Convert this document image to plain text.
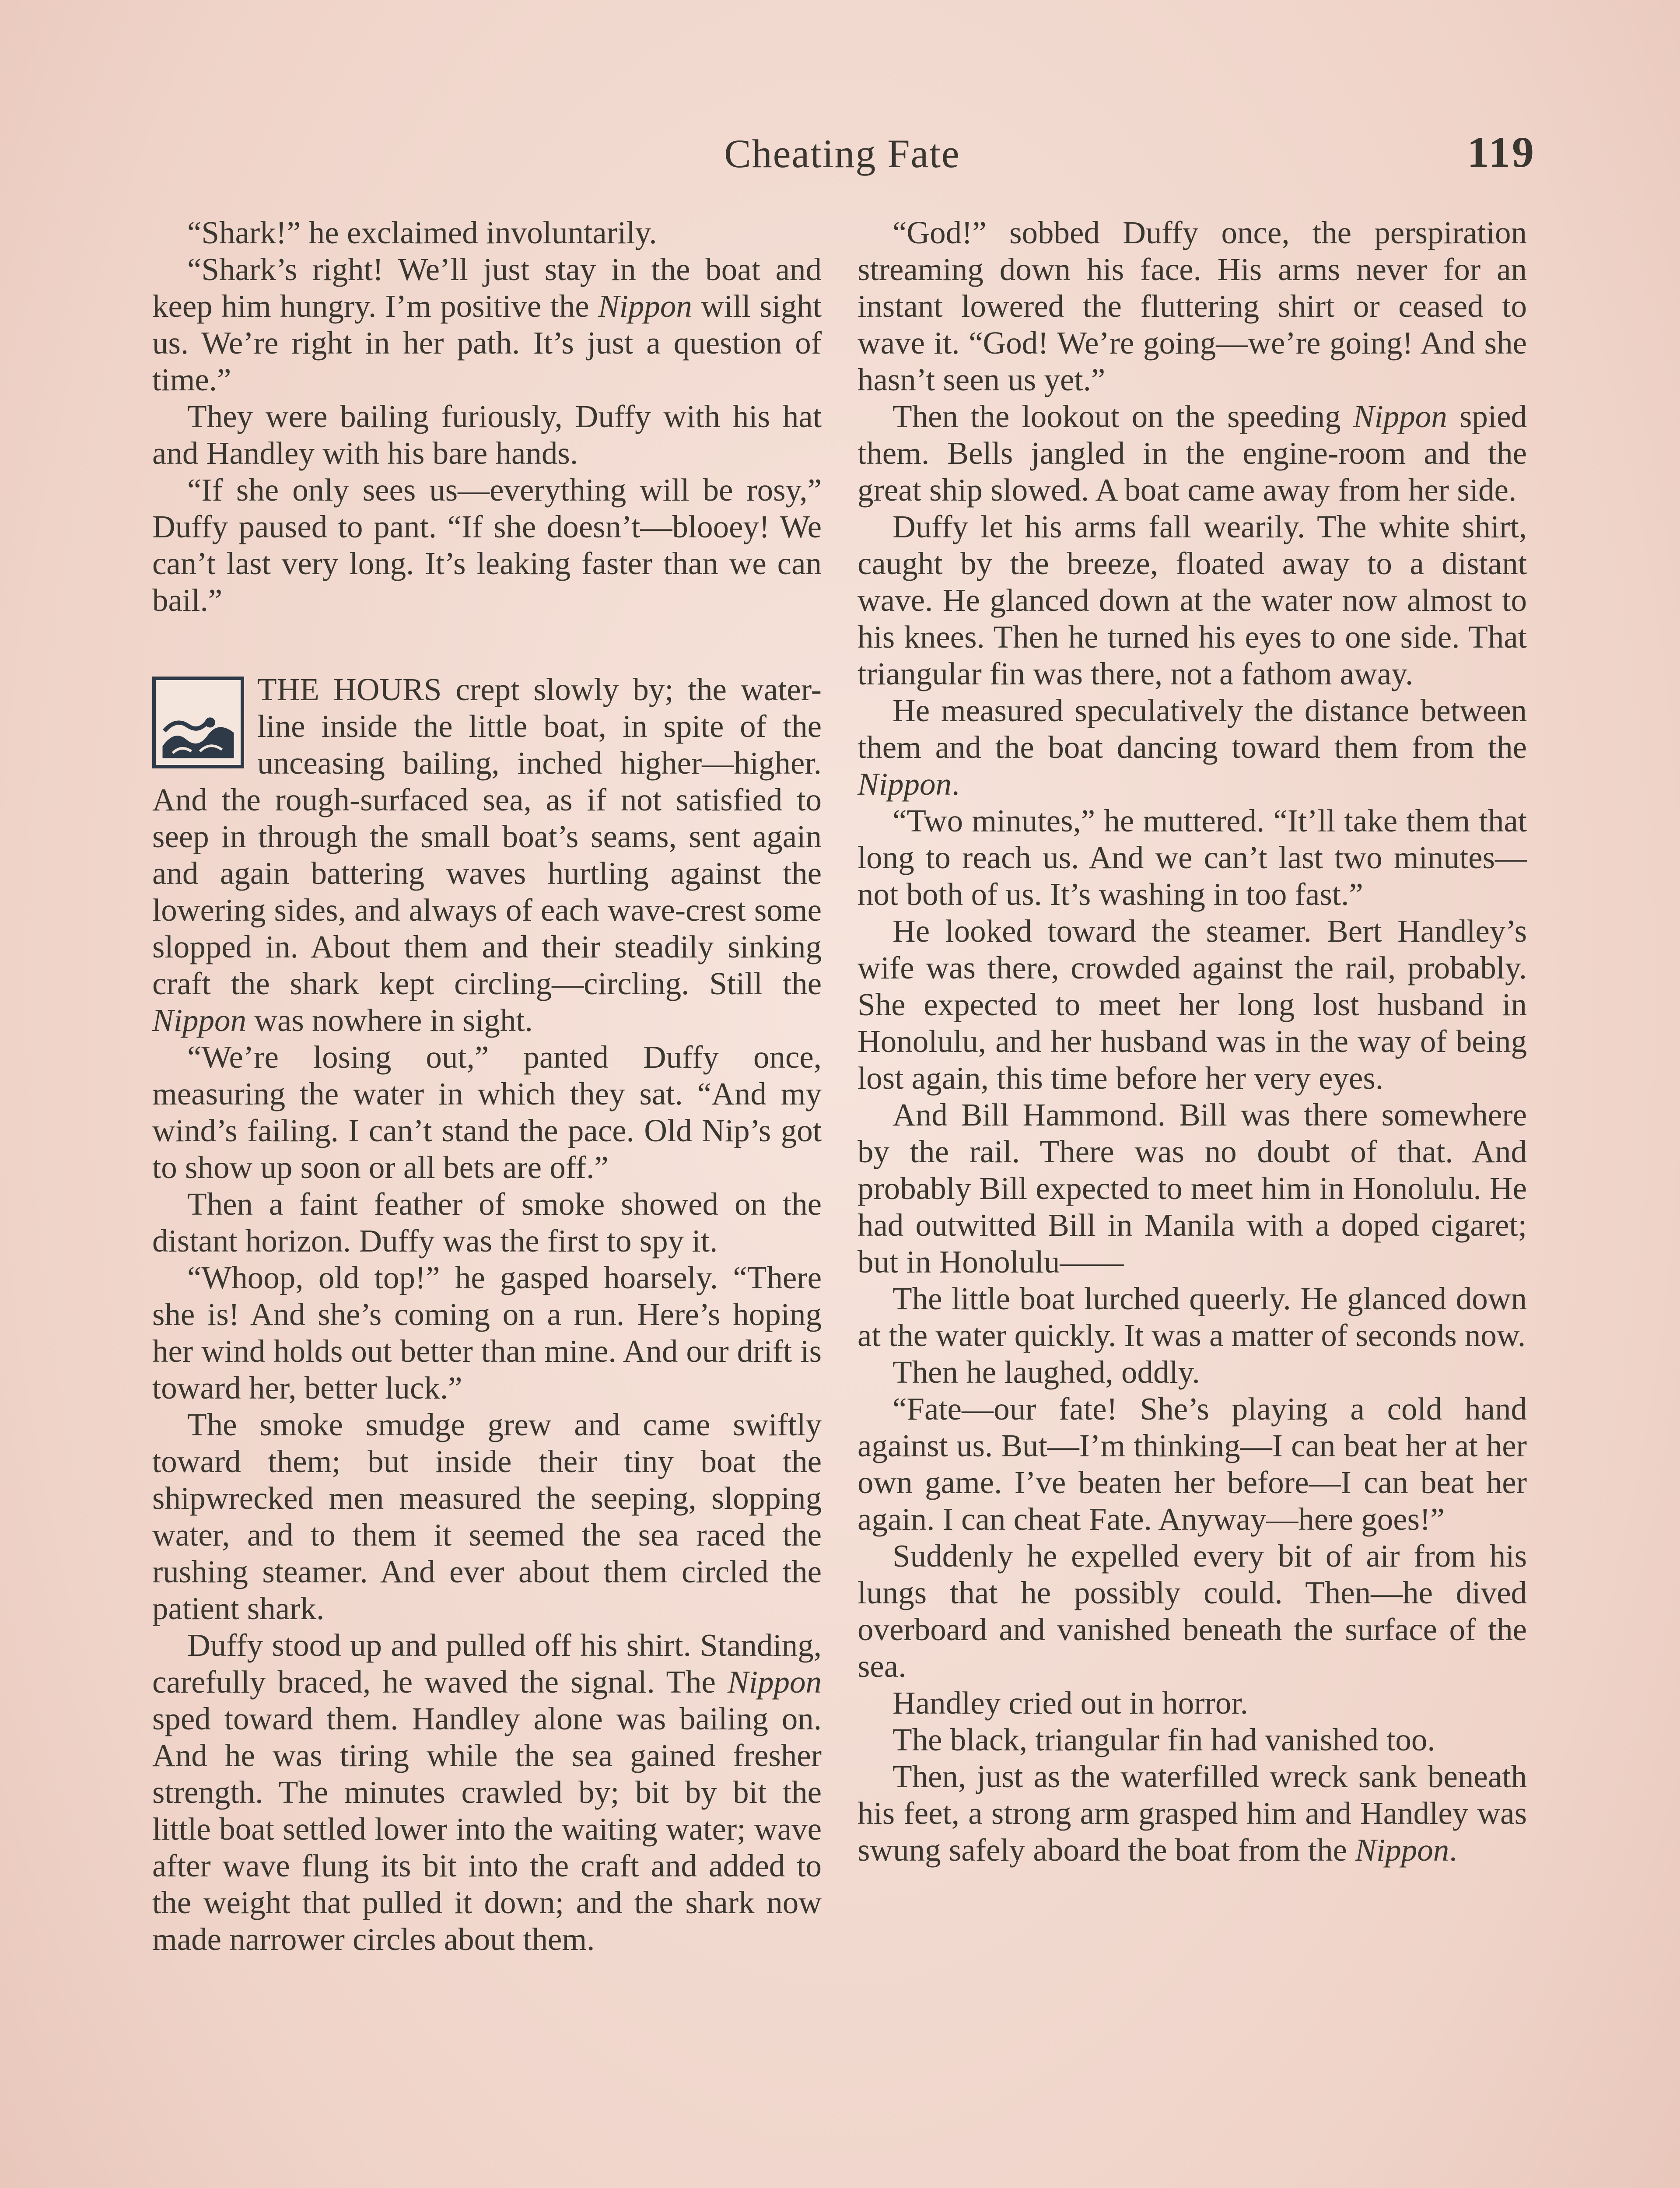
Cheating Fate	119

“Shark!” he exclaimed involuntarily.

“Shark’s right! We’ll just stay in the boat and keep him hungry. I’m positive the Nippon will sight us. We’re right in her path. It’s just a question of time.”

They were bailing furiously, Duffy with his hat and Handley with his bare hands.

“If she only sees us—everything will be rosy,” Duffy paused to pant. “If she doesn’t—blooey! We can’t last very long. It’s leaking faster than we can bail.”

THE HOURS crept slowly by; the water-line inside the little boat, in spite of the unceasing bailing, inched higher—higher. And the rough-surfaced sea, as if not satisfied to seep in through the small boat’s seams, sent again and again battering waves hurtling against the lowering sides, and always of each wave-crest some slopped in. About them and their steadily sinking craft the shark kept circling—circling. Still the Nippon was nowhere in sight.

“We’re losing out,” panted Duffy once, measuring the water in which they sat. “And my wind’s failing. I can’t stand the pace. Old Nip’s got to show up soon or all bets are off.”

Then a faint feather of smoke showed on the distant horizon. Duffy was the first to spy it.

“Whoop, old top!” he gasped hoarsely. “There she is! And she’s coming on a run. Here’s hoping her wind holds out better than mine. And our drift is toward her, better luck.”

The smoke smudge grew and came swiftly toward them; but inside their tiny boat the shipwrecked men measured the seeping, slopping water, and to them it seemed the sea raced the rushing steamer. And ever about them circled the patient shark.

Duffy stood up and pulled off his shirt. Standing, carefully braced, he waved the signal. The Nippon sped toward them. Handley alone was bailing on. And he was tiring while the sea gained fresher strength. The minutes crawled by; bit by bit the little boat settled lower into the waiting water; wave after wave flung its bit into the craft and added to the weight that pulled it down; and the shark now made narrower circles about them.

“God!” sobbed Duffy once, the perspiration streaming down his face. His arms never for an instant lowered the fluttering shirt or ceased to wave it. “God! We’re going—we’re going! And she hasn’t seen us yet.”

Then the lookout on the speeding Nippon spied them. Bells jangled in the engine-room and the great ship slowed. A boat came away from her side.

Duffy let his arms fall wearily. The white shirt, caught by the breeze, floated away to a distant wave. He glanced down at the water now almost to his knees. Then he turned his eyes to one side. That triangular fin was there, not a fathom away.

He measured speculatively the distance between them and the boat dancing toward them from the Nippon.

“Two minutes,” he muttered. “It’ll take them that long to reach us. And we can’t last two minutes—not both of us. It’s washing in too fast.”

He looked toward the steamer. Bert Handley’s wife was there, crowded against the rail, probably. She expected to meet her long lost husband in Honolulu, and her husband was in the way of being lost again, this time before her very eyes.

And Bill Hammond. Bill was there somewhere by the rail. There was no doubt of that. And probably Bill expected to meet him in Honolulu. He had outwitted Bill in Manila with a doped cigaret; but in Honolulu——

The little boat lurched queerly. He glanced down at the water quickly. It was a matter of seconds now.

Then he laughed, oddly.

“Fate—our fate! She’s playing a cold hand against us. But—I’m thinking—I can beat her at her own game. I’ve beaten her before—I can beat her again. I can cheat Fate. Anyway—here goes!”

Suddenly he expelled every bit of air from his lungs that he possibly could. Then—he dived overboard and vanished beneath the surface of the sea.

Handley cried out in horror.

The black, triangular fin had vanished too.

Then, just as the waterfilled wreck sank beneath his feet, a strong arm grasped him and Handley was swung safely aboard the boat from the Nippon.
